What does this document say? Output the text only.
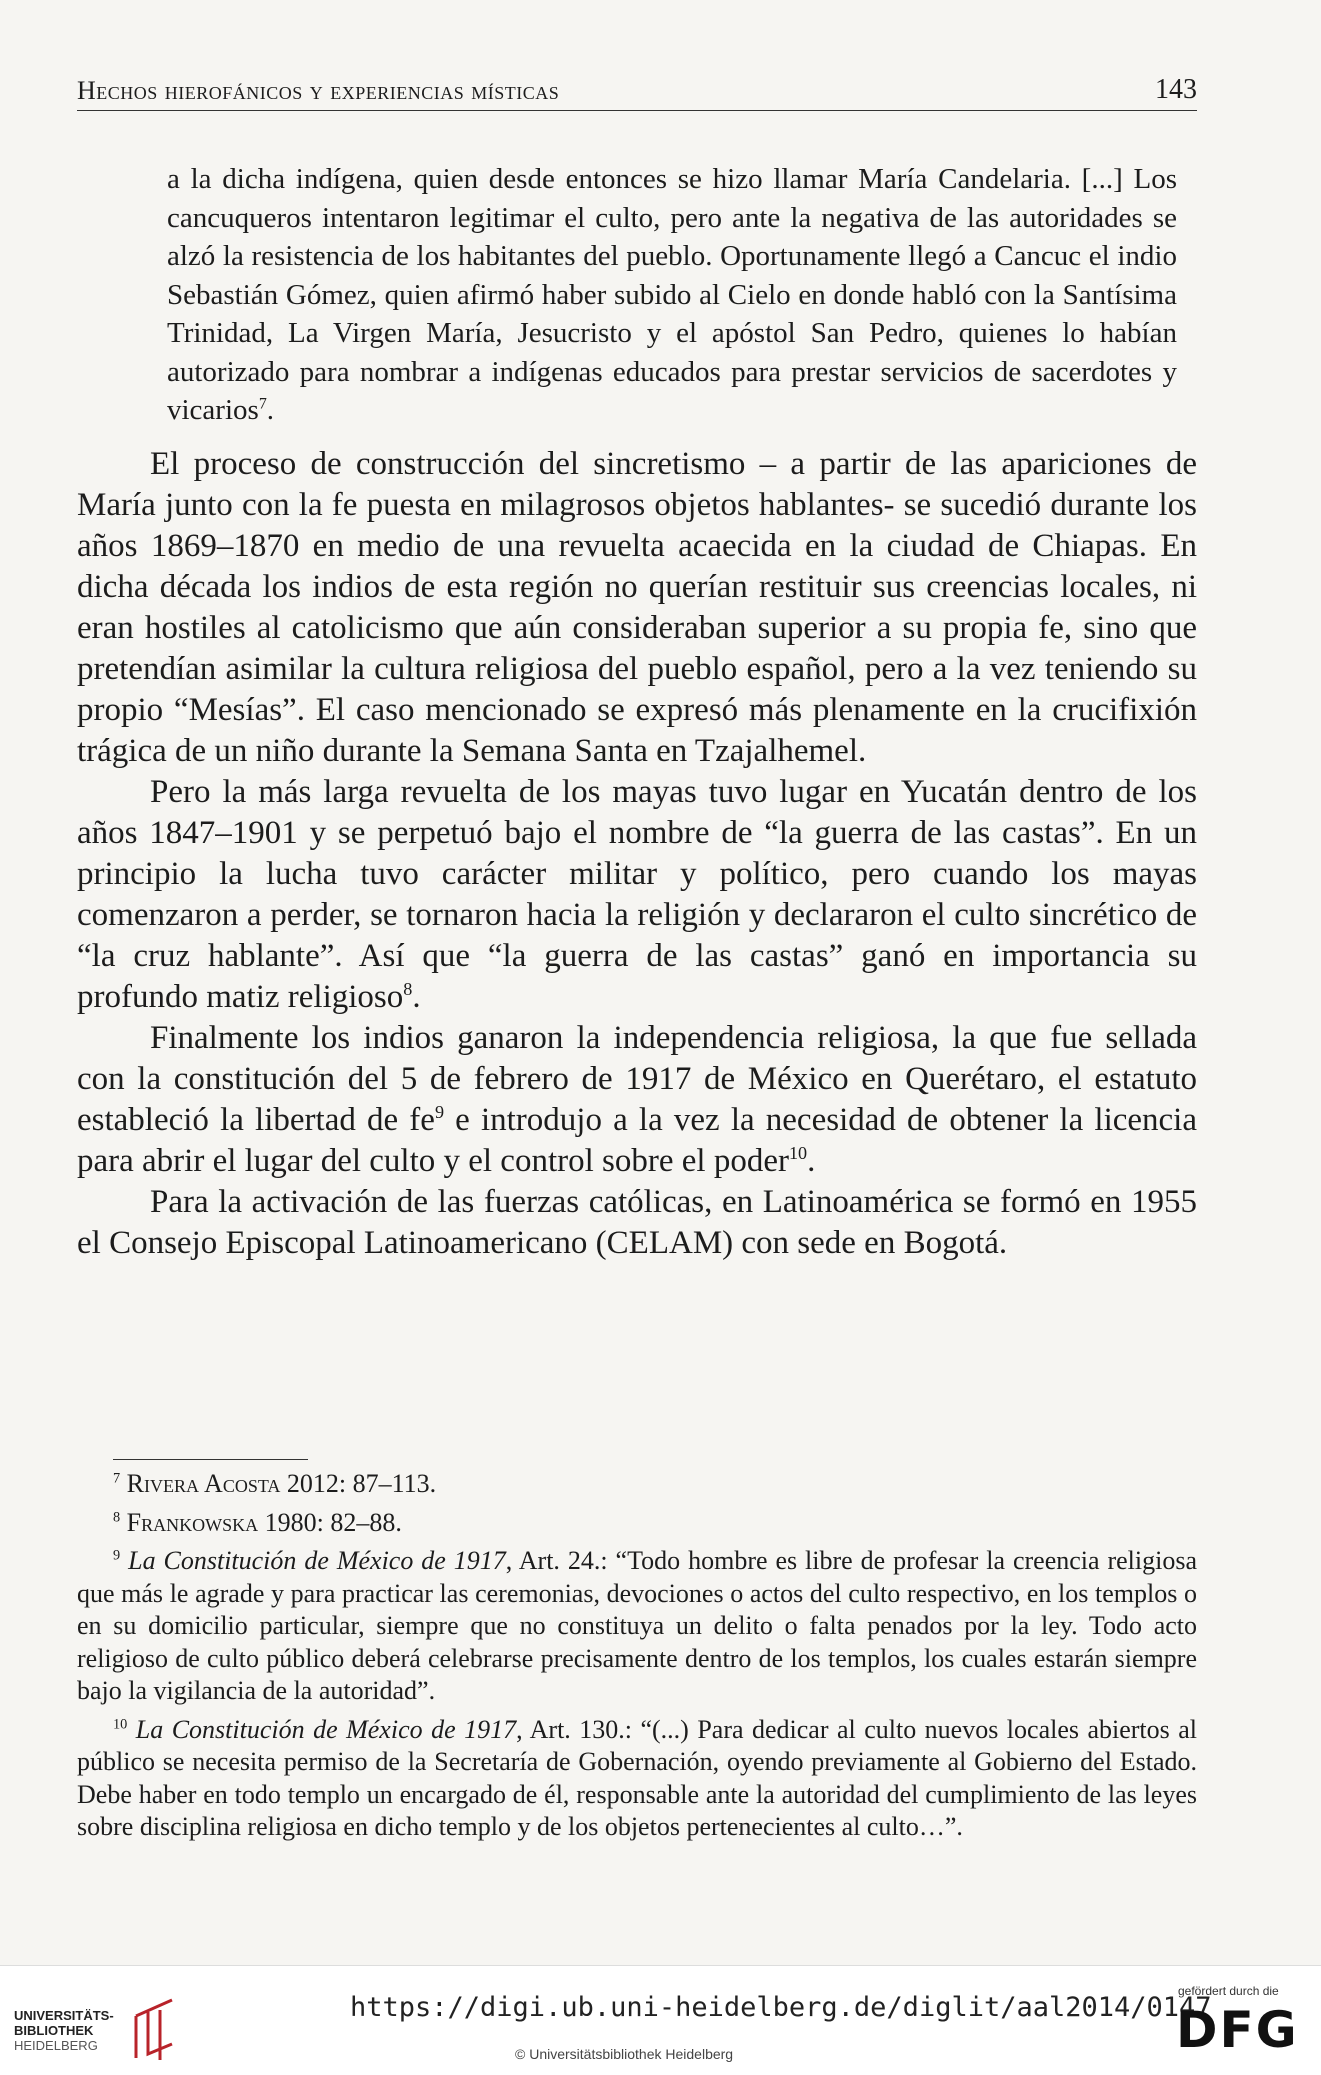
Hechos hierofánicos y experiencias místicas	143

a la dicha indígena, quien desde entonces se hizo llamar María Candelaria. [...] Los cancuqueros intentaron legitimar el culto, pero ante la negativa de las autoridades se alzó la resistencia de los habitantes del pueblo. Oportunamente llegó a Cancuc el indio Sebastián Gómez, quien afirmó haber subido al Cielo en donde habló con la Santísima Trinidad, La Virgen María, Jesucristo y el apóstol San Pedro, quienes lo habían autorizado para nombrar a indígenas educados para prestar servicios de sacerdotes y vicarios$^7$.

El proceso de construcción del sincretismo – a partir de las apariciones de María junto con la fe puesta en milagrosos objetos hablantes- se sucedió durante los años 1869–1870 en medio de una revuelta acaecida en la ciudad de Chiapas. En dicha década los indios de esta región no querían restituir sus creencias locales, ni eran hostiles al catolicismo que aún consideraban superior a su propia fe, sino que pretendían asimilar la cultura religiosa del pueblo español, pero a la vez teniendo su propio “Mesías”. El caso mencionado se expresó más plenamente en la crucifixión trágica de un niño durante la Semana Santa en Tzajalhemel.

Pero la más larga revuelta de los mayas tuvo lugar en Yucatán dentro de los años 1847–1901 y se perpetuó bajo el nombre de “la guerra de las castas”. En un principio la lucha tuvo carácter militar y político, pero cuando los mayas comenzaron a perder, se tornaron hacia la religión y declararon el culto sincrético de “la cruz hablante”. Así que “la guerra de las castas” ganó en importancia su profundo matiz religioso$^8$.

Finalmente los indios ganaron la independencia religiosa, la que fue sellada con la constitución del 5 de febrero de 1917 de México en Querétaro, el estatuto estableció la libertad de $fe^9$ e introdujo a la vez la necesidad de obtener la licencia para abrir el lugar del culto y el control sobre el poder$^{10}$.

Para la activación de las fuerzas católicas, en Latinoamérica se formó en 1955 el Consejo Episcopal Latinoamericano (CELAM) con sede en Bogotá.

$^7$ Rivera Acosta 2012: 87–113.

$^8$ Frankowska 1980: 82–88.

$^9$ La Constitución de México de 1917, Art. 24.: “Todo hombre es libre de profesar la creencia religiosa que más le agrade y para practicar las ceremonias, devociones o actos del culto respectivo, en los templos o en su domicilio particular, siempre que no constituya un delito o falta penados por la ley. Todo acto religioso de culto público deberá celebrarse precisamente dentro de los templos, los cuales estarán siempre bajo la vigilancia de la autoridad”.

$^{10}$ La Constitución de México de 1917, Art. 130.: “(...) Para dedicar al culto nuevos locales abiertos al público se necesita permiso de la Secretaría de Gobernación, oyendo previamente al Gobierno del Estado. Debe haber en todo templo un encargado de él, responsable ante la autoridad del cumplimiento de las leyes sobre disciplina religiosa en dicho templo y de los objetos pertenecientes al culto…”.

UNIVERSITÄTS-
BIBLIOTHEK
HEIDELBERG
https://digi.ub.uni-heidelberg.de/diglit/aal2014/0147
© Universitätsbibliothek Heidelberg
gefördert durch die
DFG
